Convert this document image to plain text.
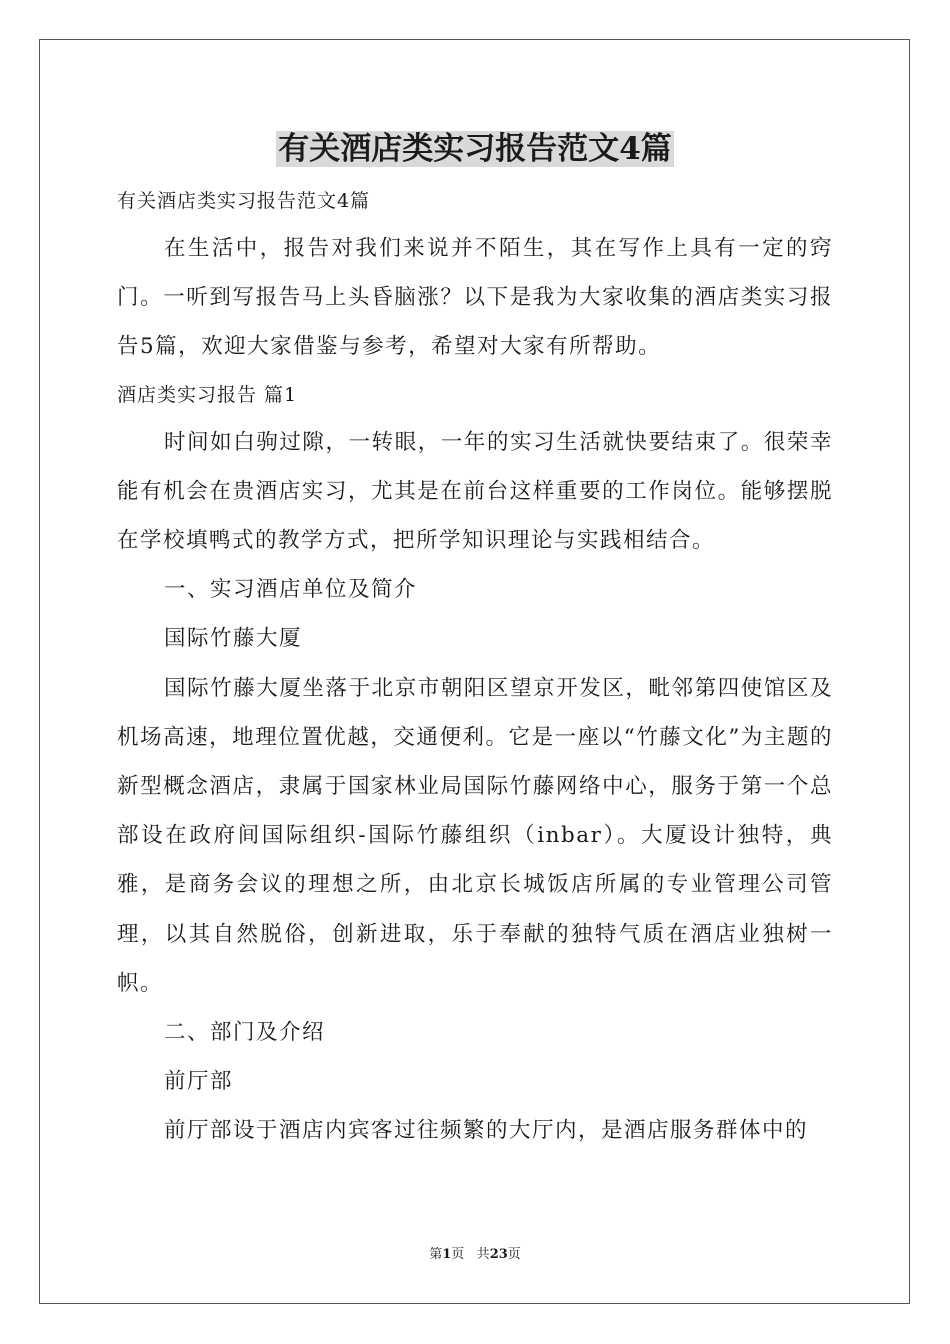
有关酒店类实习报告范文4篇

有关酒店类实习报告范文4篇

在生活中，报告对我们来说并不陌生，其在写作上具有一定的窍门。一听到写报告马上头昏脑涨？以下是我为大家收集的酒店类实习报告5篇，欢迎大家借鉴与参考，希望对大家有所帮助。

酒店类实习报告 篇1

时间如白驹过隙，一转眼，一年的实习生活就快要结束了。很荣幸能有机会在贵酒店实习，尤其是在前台这样重要的工作岗位。能够摆脱在学校填鸭式的教学方式，把所学知识理论与实践相结合。

一、实习酒店单位及简介

国际竹藤大厦

国际竹藤大厦坐落于北京市朝阳区望京开发区，毗邻第四使馆区及机场高速，地理位置优越，交通便利。它是一座以“竹藤文化”为主题的新型概念酒店，隶属于国家林业局国际竹藤网络中心，服务于第一个总部设在政府间国际组织-国际竹藤组织（inbar）。大厦设计独特，典雅，是商务会议的理想之所，由北京长城饭店所属的专业管理公司管理，以其自然脱俗，创新进取，乐于奉献的独特气质在酒店业独树一帜。

二、部门及介绍

前厅部

前厅部设于酒店内宾客过往频繁的大厅内，是酒店服务群体中的

第1页 共23页
